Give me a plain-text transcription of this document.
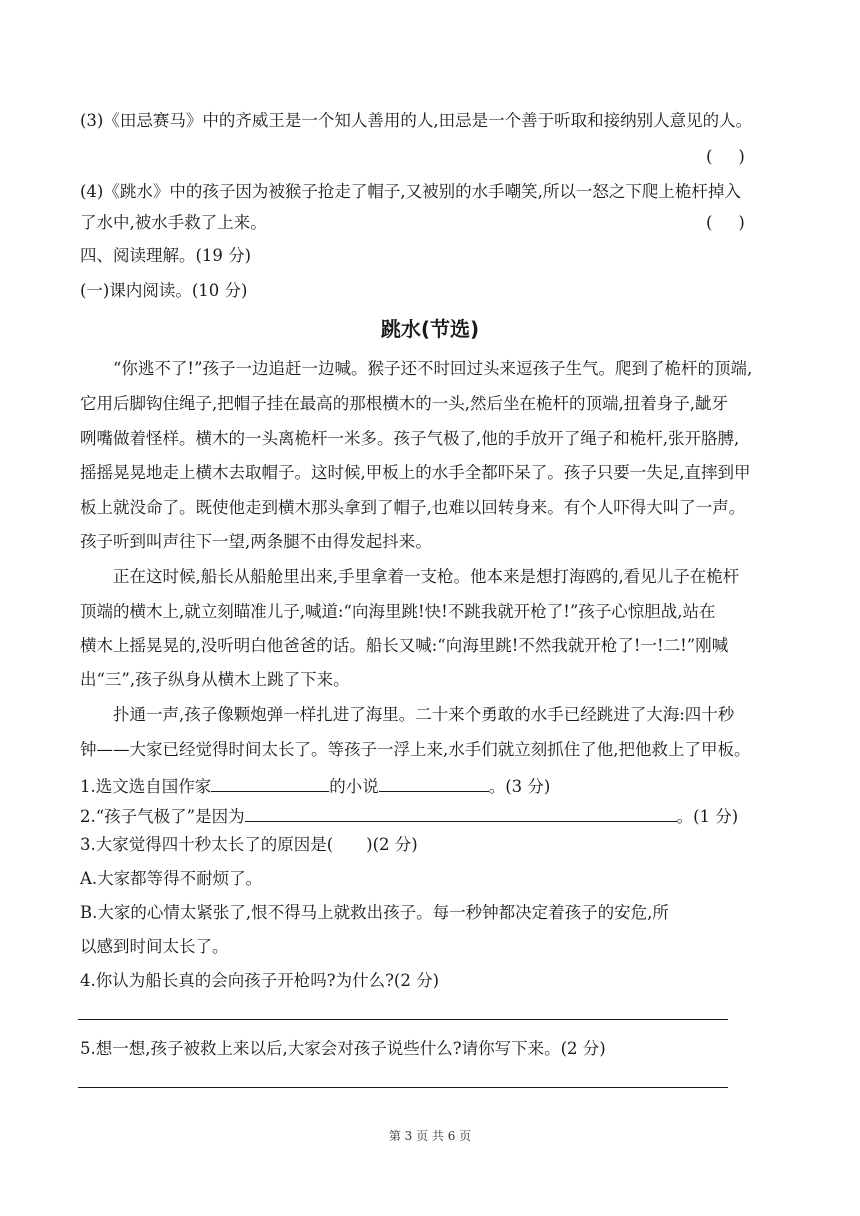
(3)《田忌赛马》中的齐威王是一个知人善用的人,田忌是一个善于听取和接纳别人意见的人。
()
(4)《跳水》中的孩子因为被猴子抢走了帽子,又被别的水手嘲笑,所以一怒之下爬上桅杆掉入
了水中,被水手救了上来。	()
四、阅读理解。(19 分)
(一)课内阅读。(10 分)
跳水(节选)
“你逃不了!”孩子一边追赶一边喊。猴子还不时回过头来逗孩子生气。爬到了桅杆的顶端,
它用后脚钩住绳子,把帽子挂在最高的那根横木的一头,然后坐在桅杆的顶端,扭着身子,龇牙
咧嘴做着怪样。横木的一头离桅杆一米多。孩子气极了,他的手放开了绳子和桅杆,张开胳膊,
摇摇晃晃地走上横木去取帽子。这时候,甲板上的水手全都吓呆了。孩子只要一失足,直摔到甲
板上就没命了。既使他走到横木那头拿到了帽子,也难以回转身来。有个人吓得大叫了一声。
孩子听到叫声往下一望,两条腿不由得发起抖来。
正在这时候,船长从船舱里出来,手里拿着一支枪。他本来是想打海鸥的,看见儿子在桅杆
顶端的横木上,就立刻瞄准儿子,喊道:“向海里跳!快!不跳我就开枪了!”孩子心惊胆战,站在
横木上摇晃晃的,没听明白他爸爸的话。船长又喊:“向海里跳!不然我就开枪了!一!二!”刚喊
出“三”,孩子纵身从横木上跳了下来。
扑通一声,孩子像颗炮弹一样扎进了海里。二十来个勇敢的水手已经跳进了大海:四十秒
钟——大家已经觉得时间太长了。等孩子一浮上来,水手们就立刻抓住了他,把他救上了甲板。
1.选文选自国作家	的小说	。(3 分)
2.“孩子气极了”是因为	。(1 分)
3.大家觉得四十秒太长了的原因是(　　)(2 分)
A.大家都等得不耐烦了。
B.大家的心情太紧张了,恨不得马上就救出孩子。每一秒钟都决定着孩子的安危,所
以感到时间太长了。
4.你认为船长真的会向孩子开枪吗?为什么?(2 分)
5.想一想,孩子被救上来以后,大家会对孩子说些什么?请你写下来。(2 分)
第 3 页 共 6 页
